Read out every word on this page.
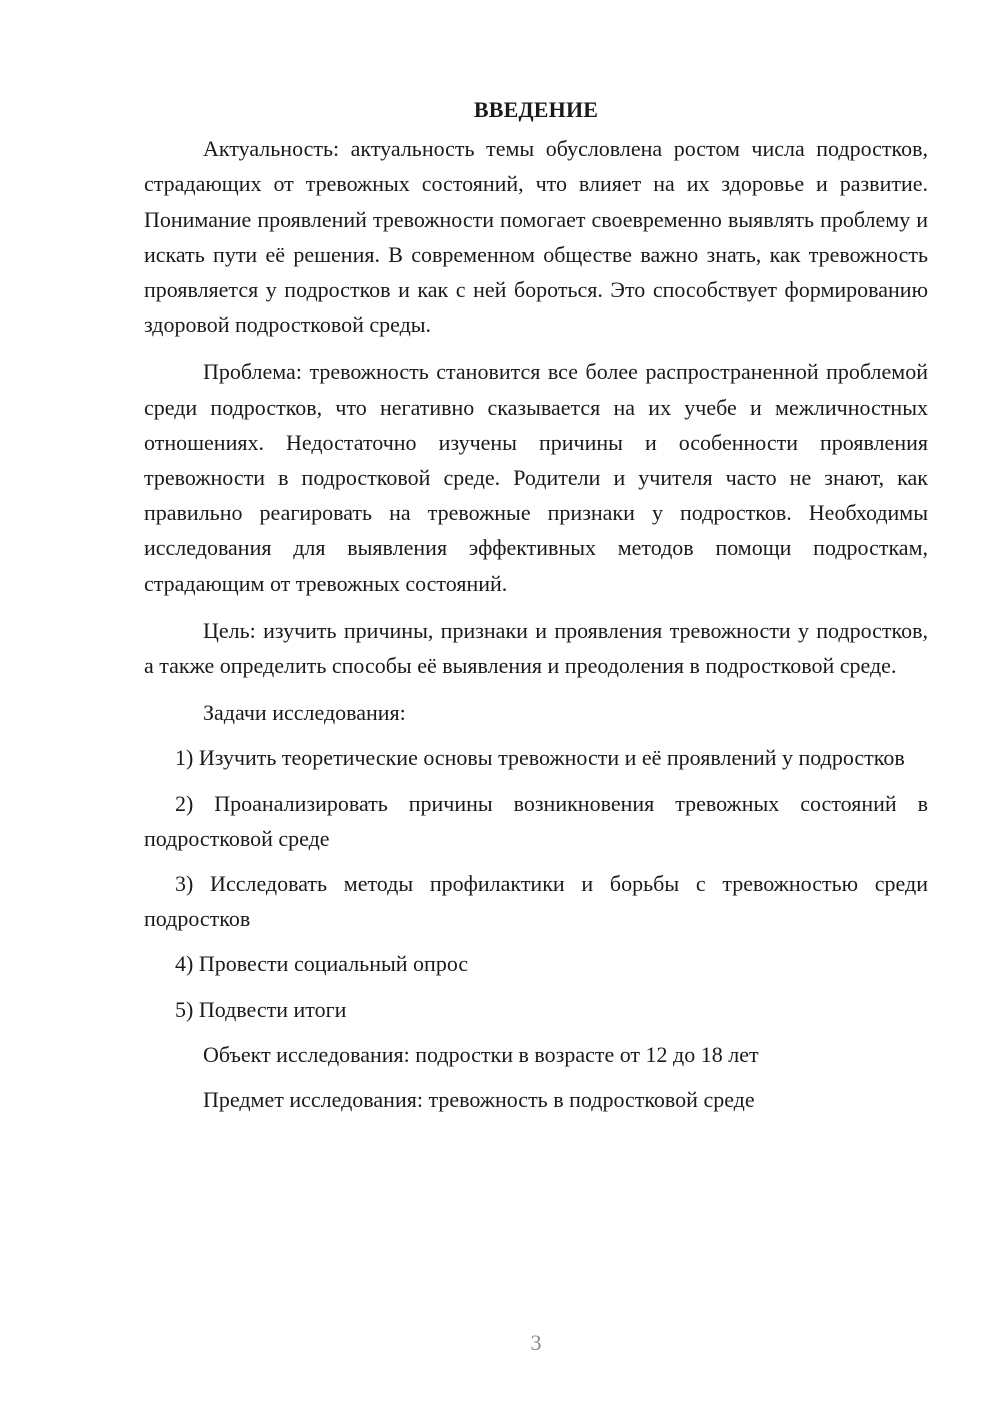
ВВЕДЕНИЕ

Актуальность: актуальность темы обусловлена ростом числа подростков, страдающих от тревожных состояний, что влияет на их здоровье и развитие. Понимание проявлений тревожности помогает своевременно выявлять проблему и искать пути её решения. В современном обществе важно знать, как тревожность проявляется у подростков и как с ней бороться. Это способствует формированию здоровой подростковой среды.

Проблема: тревожность становится все более распространенной проблемой среди подростков, что негативно сказывается на их учебе и межличностных отношениях. Недостаточно изучены причины и особенности проявления тревожности в подростковой среде. Родители и учителя часто не знают, как правильно реагировать на тревожные признаки у подростков. Необходимы исследования для выявления эффективных методов помощи подросткам, страдающим от тревожных состояний.

Цель: изучить причины, признаки и проявления тревожности у подростков, а также определить способы её выявления и преодоления в подростковой среде.

Задачи исследования:

1) Изучить теоретические основы тревожности и её проявлений у подростков

2) Проанализировать причины возникновения тревожных состояний в подростковой среде

3) Исследовать методы профилактики и борьбы с тревожностью среди подростков

4) Провести социальный опрос

5) Подвести итоги

Объект исследования: подростки в возрасте от 12 до 18 лет

Предмет исследования: тревожность в подростковой среде

3
